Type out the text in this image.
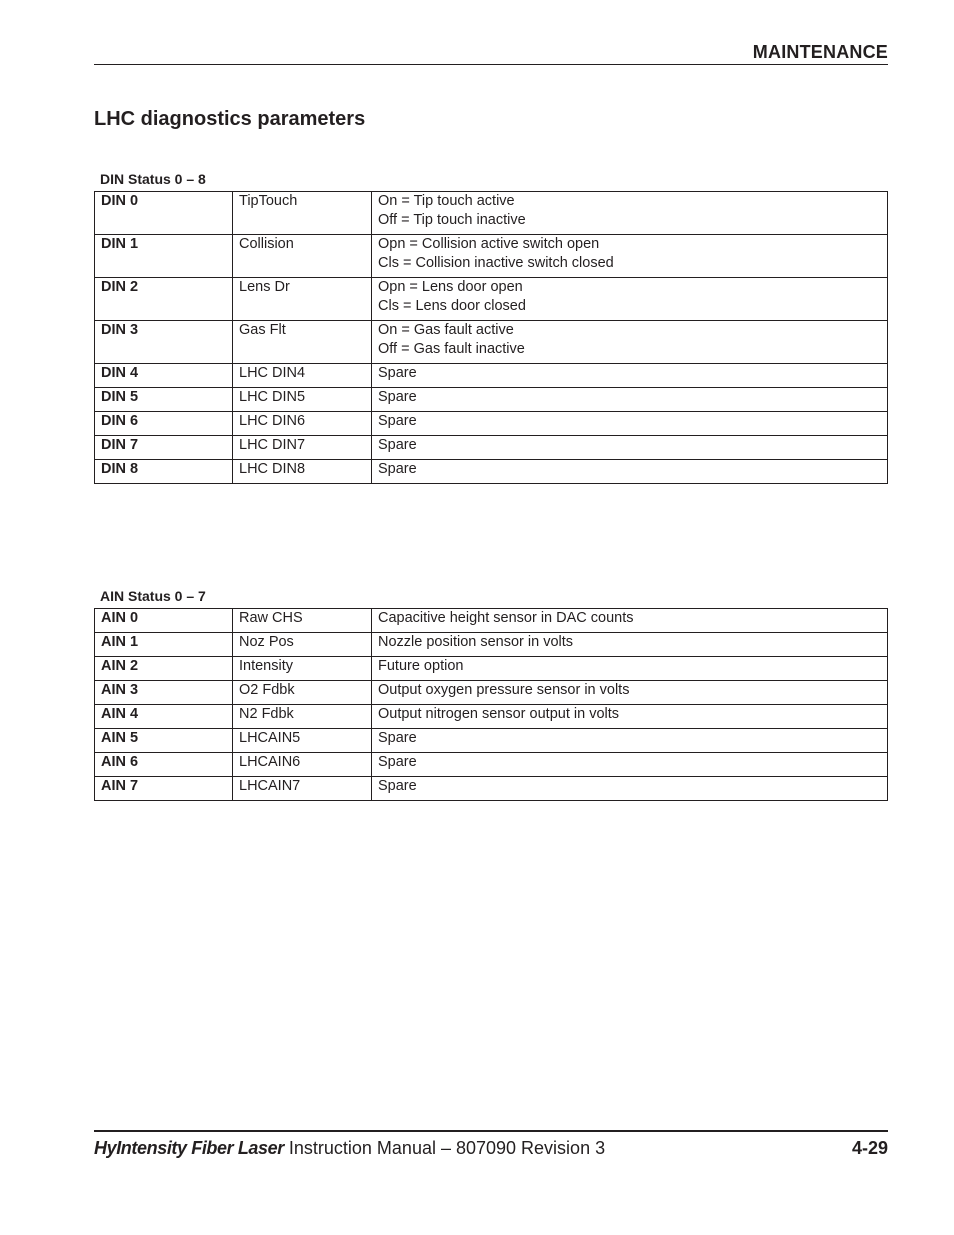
MAINTENANCE
LHC diagnostics parameters
DIN Status 0 – 8
DIN 0	TipTouch	On = Tip touch active
Off = Tip touch inactive

DIN 1	Collision	Opn = Collision active switch open
Cls = Collision inactive switch closed

DIN 2	Lens Dr	Opn = Lens door open
Cls = Lens door closed

DIN 3	Gas Flt	On = Gas fault active
Off = Gas fault inactive

DIN 4	LHC DIN4	Spare

DIN 5	LHC DIN5	Spare

DIN 6	LHC DIN6	Spare

DIN 7	LHC DIN7	Spare

DIN 8	LHC DIN8	Spare
AIN Status 0 – 7
AIN 0	Raw CHS	Capacitive height sensor in DAC counts

AIN 1	Noz Pos	Nozzle position sensor in volts

AIN 2	Intensity	Future option

AIN 3	O2 Fdbk	Output oxygen pressure sensor in volts

AIN 4	N2 Fdbk	Output nitrogen sensor output in volts

AIN 5	LHCAIN5	Spare

AIN 6	LHCAIN6	Spare

AIN 7	LHCAIN7	Spare
HyIntensity Fiber Laser Instruction Manual – 807090 Revision 3	4-29
